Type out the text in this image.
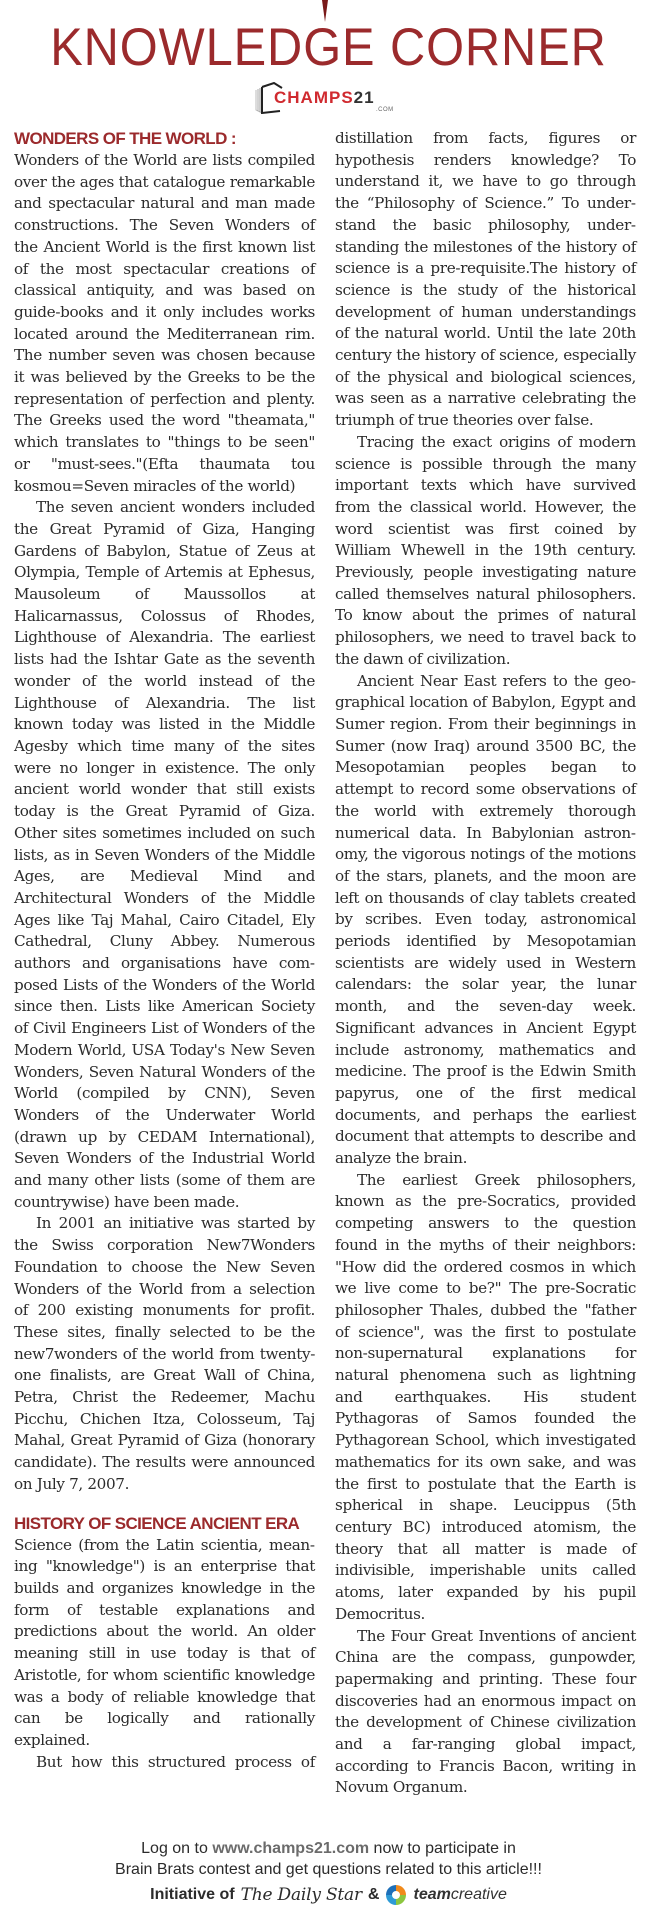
KNOWLEDGE CORNER
CHAMPS21
.COM
WONDERS OF THE WORLD :

Wonders of the World are lists compiled over the ages that catalogue remarkable and spectacular natural and man made constructions. The Seven Wonders of the Ancient World is the first known list of the most spectacular creations of classical antiquity, and was based on guide-books and it only includes works located around the Mediterranean rim. The number seven was chosen because it was believed by the Greeks to be the representation of perfection and plenty. The Greeks used the word "theamata," which translates to "things to be seen" or "must-sees."(Efta thaumata tou kosmou=Seven miracles of the world)

The seven ancient wonders included the Great Pyramid of Giza, Hanging Gardens of Babylon, Statue of Zeus at Olympia, Temple of Artemis at Ephesus, Mausoleum of Maussollos at Halicarnassus, Colossus of Rhodes, Lighthouse of Alexandria. The earliest lists had the Ishtar Gate as the seventh wonder of the world instead of the Lighthouse of Alexandria. The list known today was listed in the Middle Agesby which time many of the sites were no longer in existence. The only ancient world wonder that still exists today is the Great Pyramid of Giza. Other sites sometimes included on such lists, as in Seven Wonders of the Middle Ages, are Medieval Mind and Architectural Wonders of the Middle Ages like Taj Mahal, Cairo Citadel, Ely Cathedral, Cluny Abbey. Numerous authors and organisations have composed Lists of the Wonders of the World since then. Lists like American Society of Civil Engineers List of Wonders of the Modern World, USA Today's New Seven Wonders, Seven Natural Wonders of the World (compiled by CNN), Seven Wonders of the Underwater World (drawn up by CEDAM International), Seven Wonders of the Industrial World and many other lists (some of them are countrywise) have been made.

In 2001 an initiative was started by the Swiss corporation New7Wonders Foundation to choose the New Seven Wonders of the World from a selection of 200 existing monuments for profit. These sites, finally selected to be the new7wonders of the world from twenty-one finalists, are Great Wall of China, Petra, Christ the Redeemer, Machu Picchu, Chichen Itza, Colosseum, Taj Mahal, Great Pyramid of Giza (honorary candidate). The results were announced on July 7, 2007.

HISTORY OF SCIENCE ANCIENT ERA

Science (from the Latin scientia, meaning "knowledge") is an enterprise that builds and organizes knowledge in the form of testable explanations and predictions about the world. An older meaning still in use today is that of Aristotle, for whom scientific knowledge was a body of reliable knowledge that can be logically and rationally explained.

But how this structured process of

distillation from facts, figures or hypothesis renders knowledge? To understand it, we have to go through the “Philosophy of Science.” To understand the basic philosophy, understanding the milestones of the history of science is a pre-requisite.The history of science is the study of the historical development of human understandings of the natural world. Until the late 20th century the history of science, especially of the physical and biological sciences, was seen as a narrative celebrating the triumph of true theories over false.

Tracing the exact origins of modern science is possible through the many important texts which have survived from the classical world. However, the word scientist was first coined by William Whewell in the 19th century. Previously, people investigating nature called themselves natural philosophers. To know about the primes of natural philosophers, we need to travel back to the dawn of civilization.

Ancient Near East refers to the geographical location of Babylon, Egypt and Sumer region. From their beginnings in Sumer (now Iraq) around 3500 BC, the Mesopotamian peoples began to attempt to record some observations of the world with extremely thorough numerical data. In Babylonian astronomy, the vigorous notings of the motions of the stars, planets, and the moon are left on thousands of clay tablets created by scribes. Even today, astronomical periods identified by Mesopotamian scientists are widely used in Western calendars: the solar year, the lunar month, and the seven-day week. Significant advances in Ancient Egypt include astronomy, mathematics and medicine. The proof is the Edwin Smith papyrus, one of the first medical documents, and perhaps the earliest document that attempts to describe and analyze the brain.

The earliest Greek philosophers, known as the pre-Socratics, provided competing answers to the question found in the myths of their neighbors: "How did the ordered cosmos in which we live come to be?" The pre-Socratic philosopher Thales, dubbed the "father of science", was the first to postulate non-supernatural explanations for natural phenomena such as lightning and earthquakes. His student Pythagoras of Samos founded the Pythagorean School, which investigated mathematics for its own sake, and was the first to postulate that the Earth is spherical in shape. Leucippus (5th century BC) introduced atomism, the theory that all matter is made of indivisible, imperishable units called atoms, later expanded by his pupil Democritus.

The Four Great Inventions of ancient China are the compass, gunpowder, papermaking and printing. These four discoveries had an enormous impact on the development of Chinese civilization and a far-ranging global impact, according to Francis Bacon, writing in Novum Organum.

Log on to www.champs21.com now to participate in
Brain Brats contest and get questions related to this article!!!
Initiative of The Daily Star & teamcreative
